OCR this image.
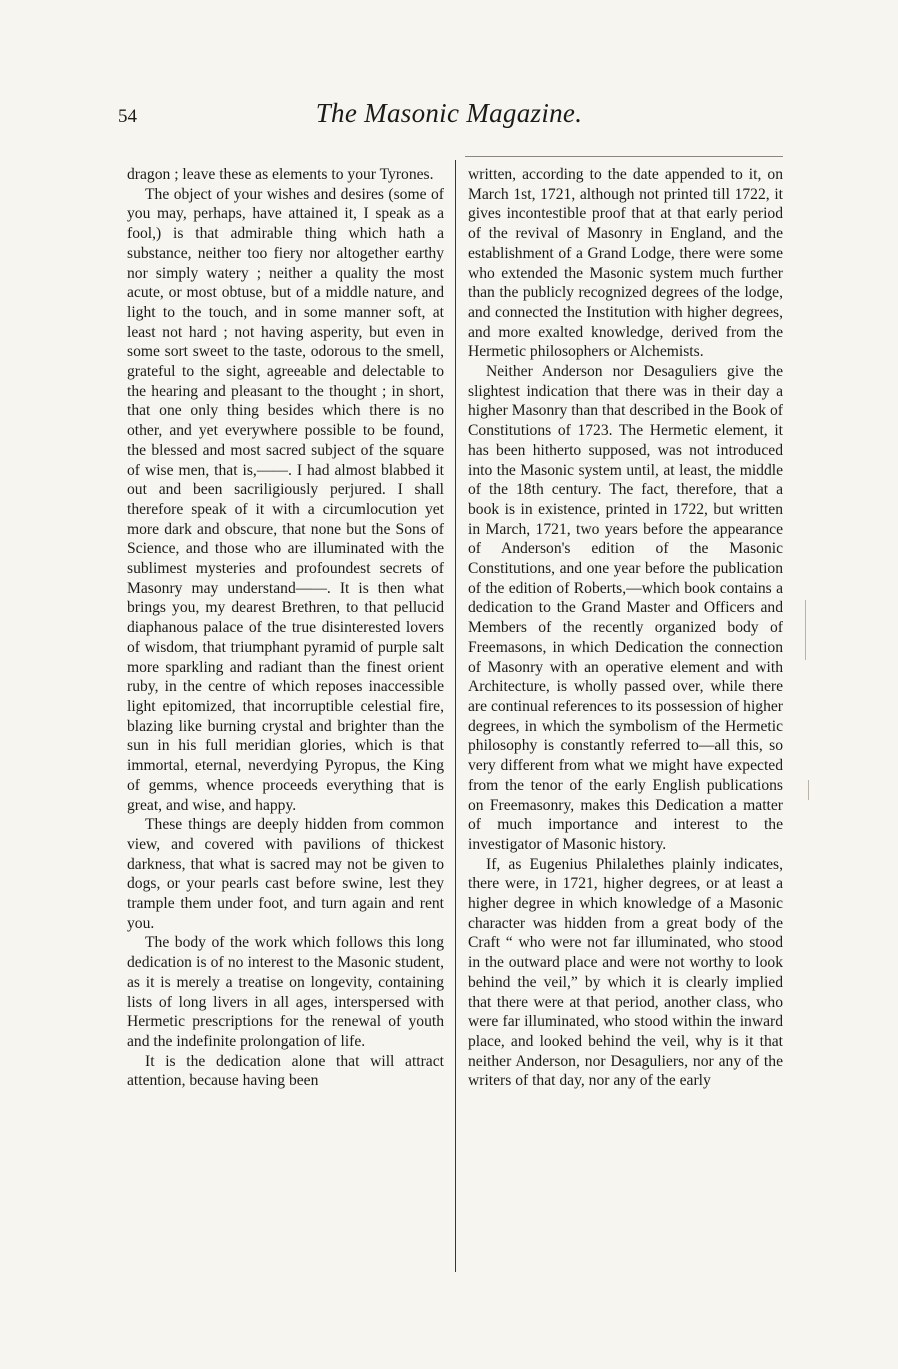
54	The Masonic Magazine.

dragon ; leave these as elements to your Tyrones.

The object of your wishes and desires (some of you may, perhaps, have attained it, I speak as a fool,) is that admirable thing which hath a substance, neither too fiery nor altogether earthy nor simply watery ; neither a quality the most acute, or most obtuse, but of a middle nature, and light to the touch, and in some manner soft, at least not hard ; not having asperity, but even in some sort sweet to the taste, odorous to the smell, grateful to the sight, agreeable and delectable to the hearing and pleasant to the thought ; in short, that one only thing besides which there is no other, and yet everywhere possible to be found, the blessed and most sacred subject of the square of wise men, that is,——. I had almost blabbed it out and been sacriligiously perjured. I shall therefore speak of it with a circumlocution yet more dark and obscure, that none but the Sons of Science, and those who are illuminated with the sublimest mysteries and profoundest secrets of Masonry may understand——. It is then what brings you, my dearest Brethren, to that pellucid diaphanous palace of the true disinterested lovers of wisdom, that triumphant pyramid of purple salt more sparkling and radiant than the finest orient ruby, in the centre of which reposes inaccessible light epitomized, that incorruptible celestial fire, blazing like burning crystal and brighter than the sun in his full meridian glories, which is that immortal, eternal, neverdying Pyropus, the King of gemms, whence proceeds everything that is great, and wise, and happy.

These things are deeply hidden from common view, and covered with pavilions of thickest darkness, that what is sacred may not be given to dogs, or your pearls cast before swine, lest they trample them under foot, and turn again and rent you.

The body of the work which follows this long dedication is of no interest to the Masonic student, as it is merely a treatise on longevity, containing lists of long livers in all ages, interspersed with Hermetic prescriptions for the renewal of youth and the indefinite prolongation of life.

It is the dedication alone that will attract attention, because having been

written, according to the date appended to it, on March 1st, 1721, although not printed till 1722, it gives incontestible proof that at that early period of the revival of Masonry in England, and the establishment of a Grand Lodge, there were some who extended the Masonic system much further than the publicly recognized degrees of the lodge, and connected the Institution with higher degrees, and more exalted knowledge, derived from the Hermetic philosophers or Alchemists.

Neither Anderson nor Desaguliers give the slightest indication that there was in their day a higher Masonry than that described in the Book of Constitutions of 1723. The Hermetic element, it has been hitherto supposed, was not introduced into the Masonic system until, at least, the middle of the 18th century. The fact, therefore, that a book is in existence, printed in 1722, but written in March, 1721, two years before the appearance of Anderson's edition of the Masonic Constitutions, and one year before the publication of the edition of Roberts,—which book contains a dedication to the Grand Master and Officers and Members of the recently organized body of Freemasons, in which Dedication the connection of Masonry with an operative element and with Architecture, is wholly passed over, while there are continual references to its possession of higher degrees, in which the symbolism of the Hermetic philosophy is constantly referred to—all this, so very different from what we might have expected from the tenor of the early English publications on Freemasonry, makes this Dedication a matter of much importance and interest to the investigator of Masonic history.

If, as Eugenius Philalethes plainly indicates, there were, in 1721, higher degrees, or at least a higher degree in which knowledge of a Masonic character was hidden from a great body of the Craft “ who were not far illuminated, who stood in the outward place and were not worthy to look behind the veil,” by which it is clearly implied that there were at that period, another class, who were far illuminated, who stood within the inward place, and looked behind the veil, why is it that neither Anderson, nor Desaguliers, nor any of the writers of that day, nor any of the early
